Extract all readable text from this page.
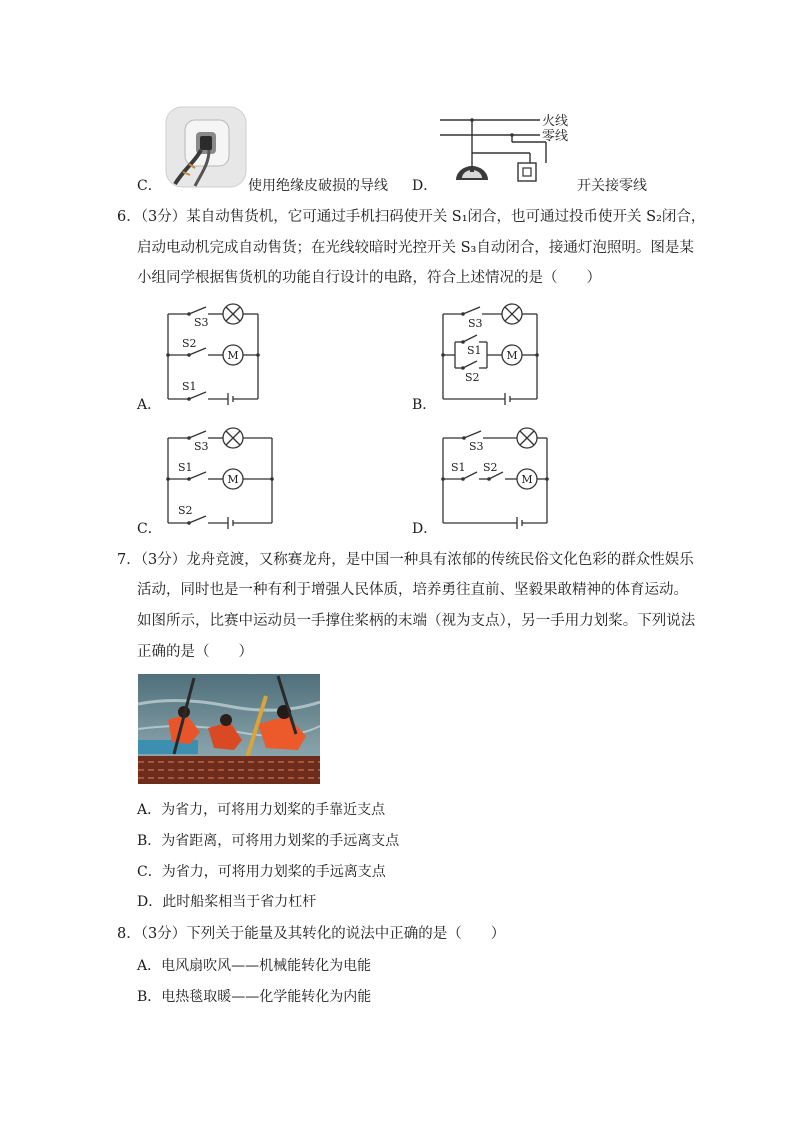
C．	使用绝缘皮破损的导线
火线
零线
D．	开关接零线
6．（3分）某自动售货机，它可通过手机扫码使开关 S₁闭合，也可通过投币使开关 S₂闭合，
启动电动机完成自动售货；在光线较暗时光控开关 S₃自动闭合，接通灯泡照明。图是某
小组同学根据售货机的功能自行设计的电路，符合上述情况的是（　　）
M
S3
S2
S1
A．
M
S3
S1
S2
B．
M
S3
S1
S2
C．
M
S3
S1 S2
D．
7．（3分）龙舟竞渡，又称赛龙舟，是中国一种具有浓郁的传统民俗文化色彩的群众性娱乐
活动，同时也是一种有利于增强人民体质，培养勇往直前、坚毅果敢精神的体育运动。
如图所示，比赛中运动员一手撑住桨柄的末端（视为支点），另一手用力划桨。下列说法
正确的是（　　）
A．为省力，可将用力划桨的手靠近支点
B．为省距离，可将用力划桨的手远离支点
C．为省力，可将用力划桨的手远离支点
D．此时船桨相当于省力杠杆
8．（3分）下列关于能量及其转化的说法中正确的是（　　）
A．电风扇吹风——机械能转化为电能
B．电热毯取暖——化学能转化为内能
